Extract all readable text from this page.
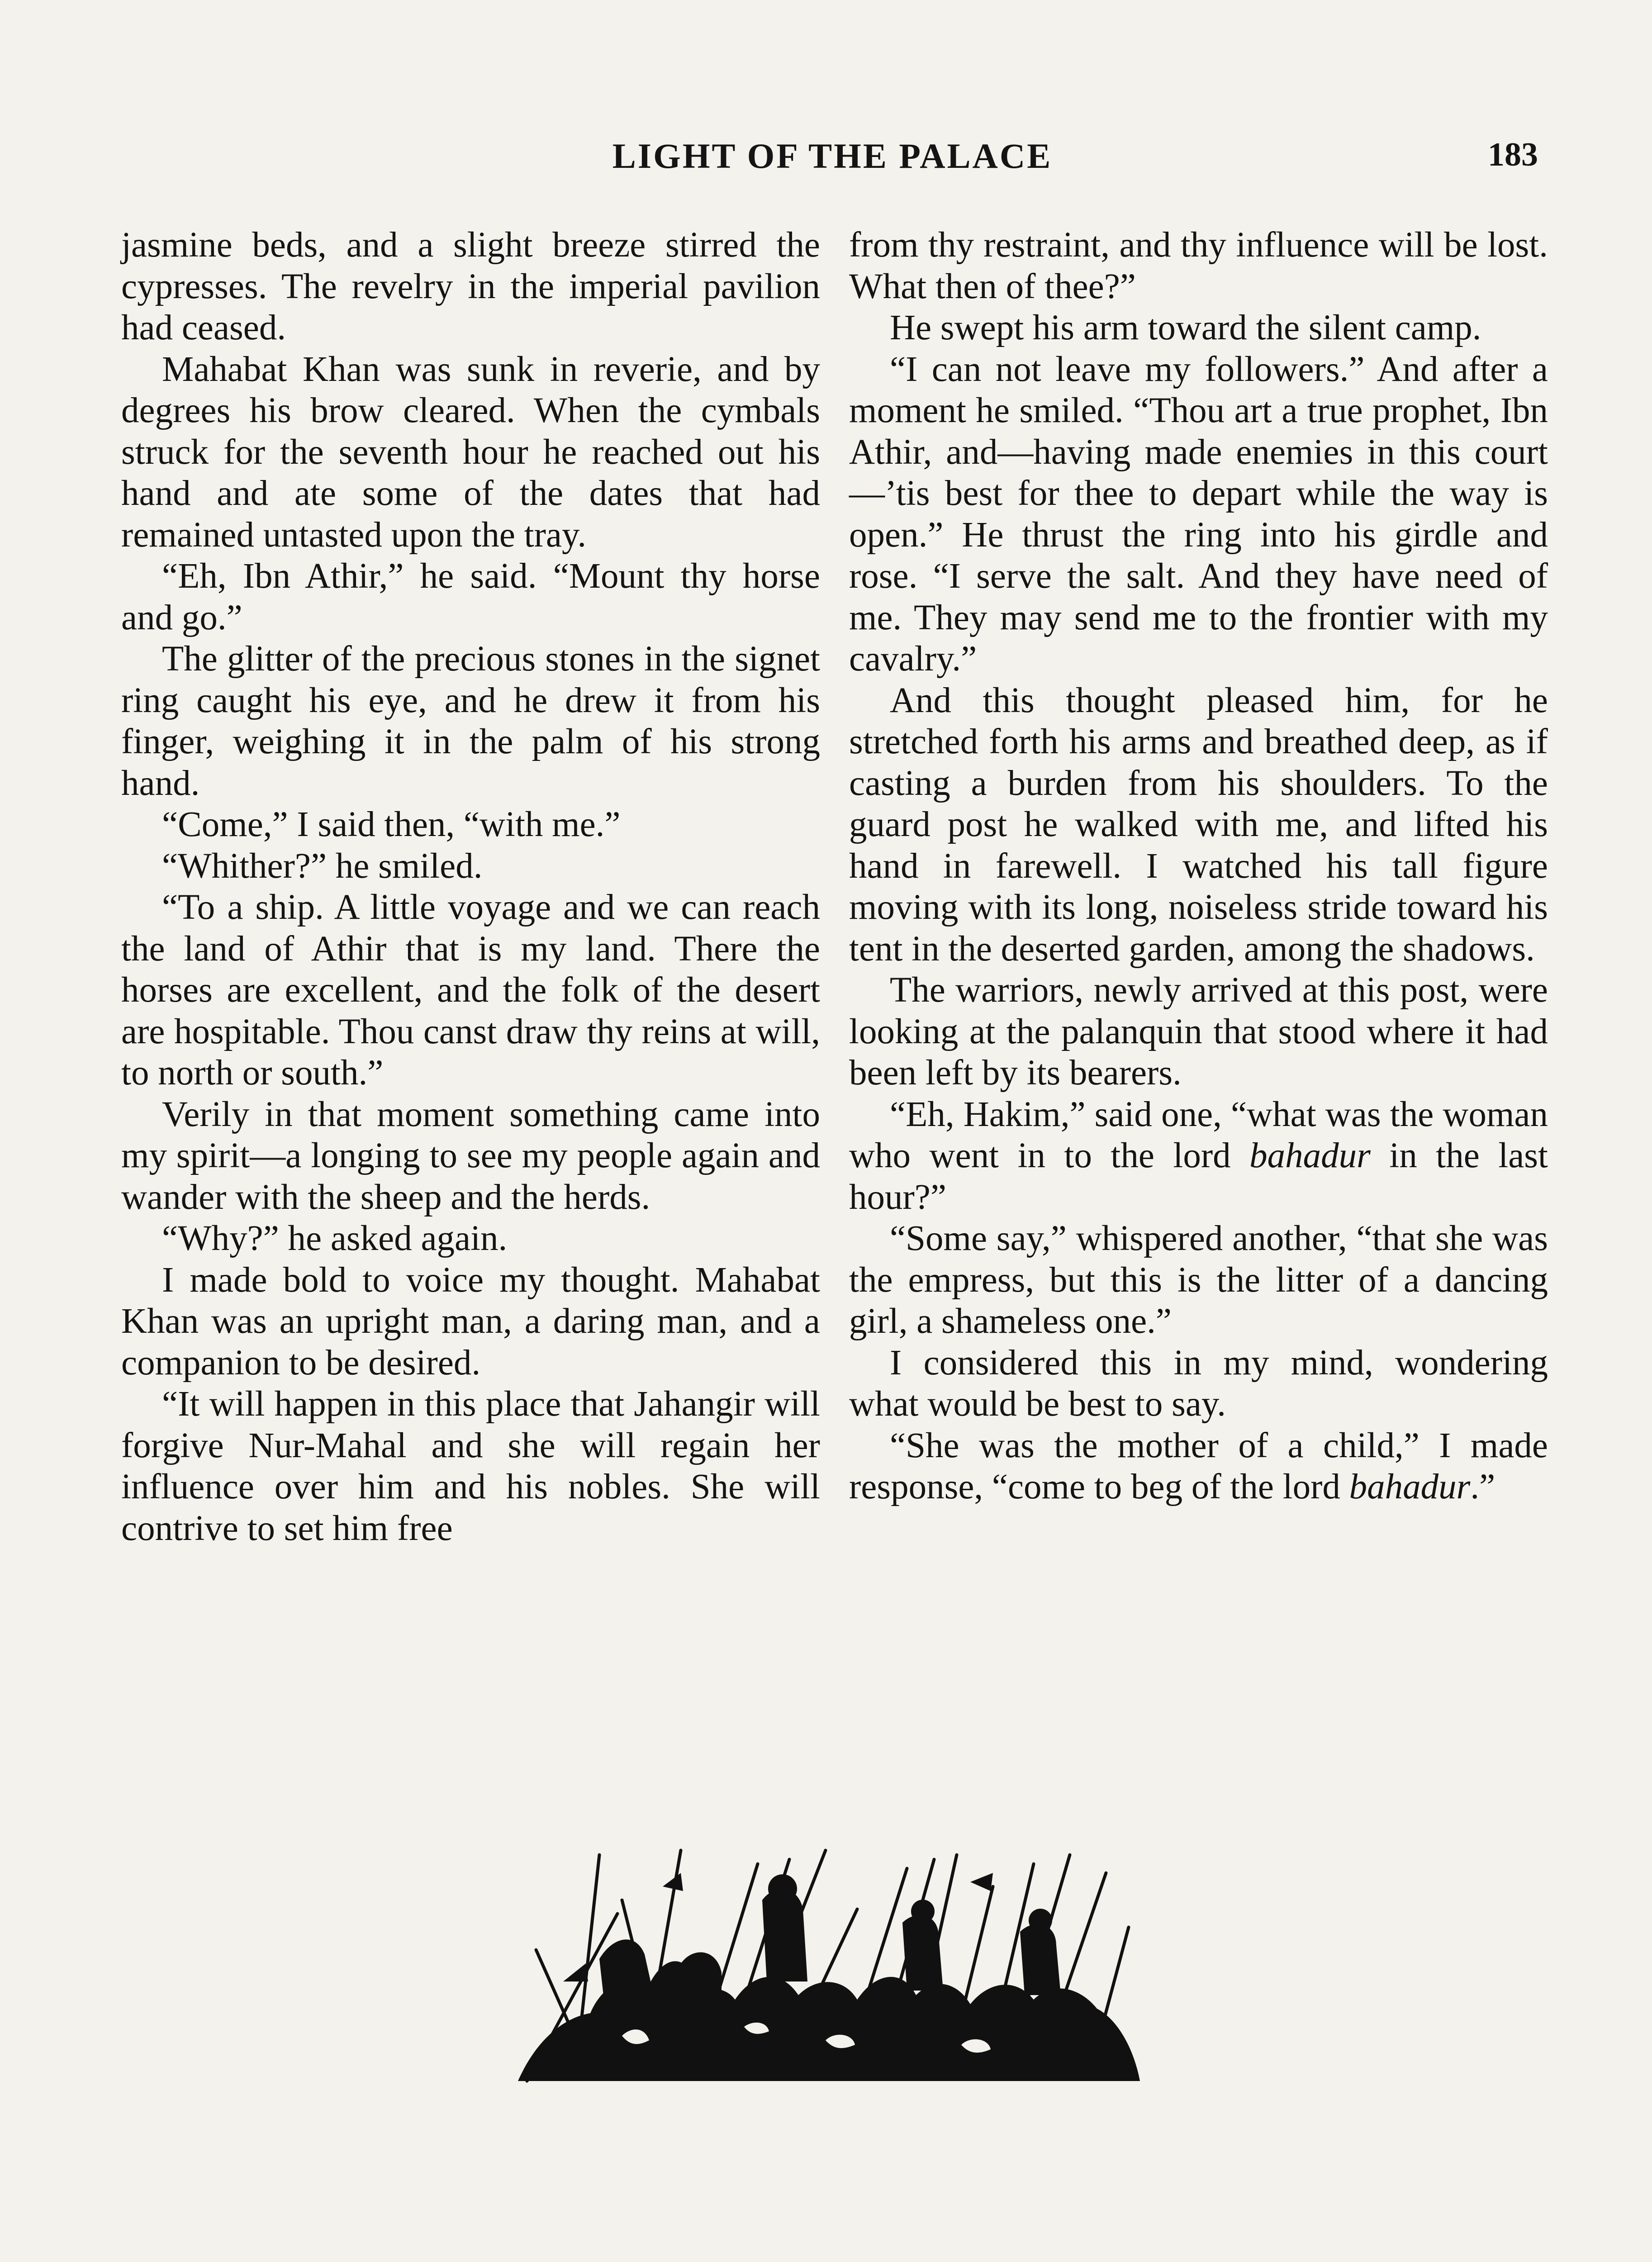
LIGHT OF THE PALACE	183

jasmine beds, and a slight breeze stirred the cypresses. The revelry in the imperial pavilion had ceased.

Mahabat Khan was sunk in reverie, and by degrees his brow cleared. When the cymbals struck for the seventh hour he reached out his hand and ate some of the dates that had remained untasted upon the tray.

“Eh, Ibn Athir,” he said. “Mount thy horse and go.”

The glitter of the precious stones in the signet ring caught his eye, and he drew it from his finger, weighing it in the palm of his strong hand.

“Come,” I said then, “with me.”

“Whither?” he smiled.

“To a ship. A little voyage and we can reach the land of Athir that is my land. There the horses are excellent, and the folk of the desert are hospitable. Thou canst draw thy reins at will, to north or south.”

Verily in that moment something came into my spirit—a longing to see my people again and wander with the sheep and the herds.

“Why?” he asked again.

I made bold to voice my thought. Mahabat Khan was an upright man, a daring man, and a companion to be desired.

“It will happen in this place that Jahangir will forgive Nur-Mahal and she will regain her influence over him and his nobles. She will contrive to set him free

from thy restraint, and thy influence will be lost. What then of thee?”

He swept his arm toward the silent camp.

“I can not leave my followers.” And after a moment he smiled. “Thou art a true prophet, Ibn Athir, and—having made enemies in this court—’tis best for thee to depart while the way is open.” He thrust the ring into his girdle and rose. “I serve the salt. And they have need of me. They may send me to the frontier with my cavalry.”

And this thought pleased him, for he stretched forth his arms and breathed deep, as if casting a burden from his shoulders. To the guard post he walked with me, and lifted his hand in farewell. I watched his tall figure moving with its long, noiseless stride toward his tent in the deserted garden, among the shadows.

The warriors, newly arrived at this post, were looking at the palanquin that stood where it had been left by its bearers.

“Eh, Hakim,” said one, “what was the woman who went in to the lord bahadur in the last hour?”

“Some say,” whispered another, “that she was the empress, but this is the litter of a dancing girl, a shameless one.”

I considered this in my mind, wondering what would be best to say.

“She was the mother of a child,” I made response, “come to beg of the lord bahadur.”
